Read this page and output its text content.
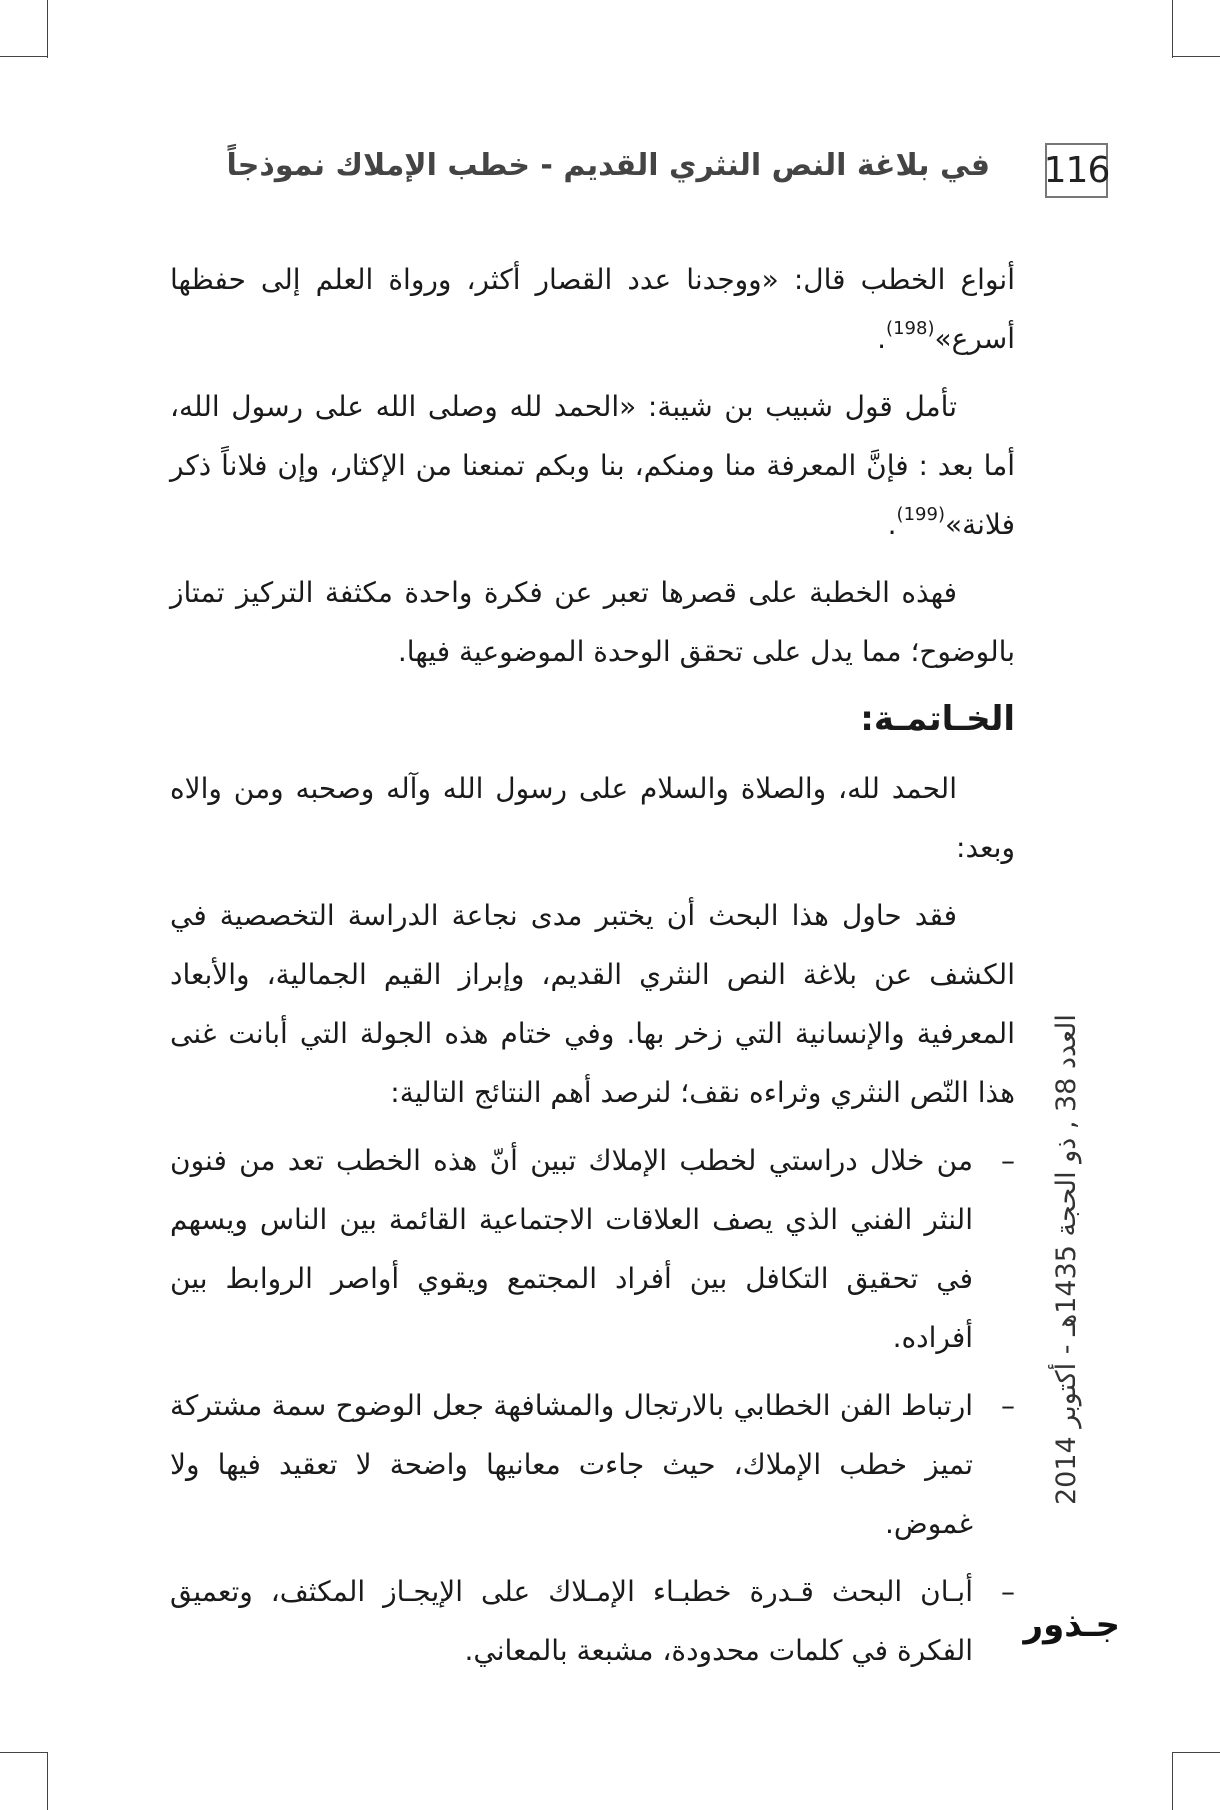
116
في بلاغة النص النثري القديم - خطب الإملاك نموذجاً

أنواع الخطب قال: «ووجدنا عدد القصار أكثر، ورواة العلم إلى حفظها أسرع»$^{(198)}$.

تأمل قول شبيب بن شيبة: «الحمد لله وصلى الله على رسول الله، أما بعد : فإنَّ المعرفة منا ومنكم، بنا وبكم تمنعنا من الإكثار، وإن فلاناً ذكر فلانة»$^{(199)}$.

فهذه الخطبة على قصرها تعبر عن فكرة واحدة مكثفة التركيز تمتاز بالوضوح؛ مما يدل على تحقق الوحدة الموضوعية فيها.

الخـاتمـة:

الحمد لله، والصلاة والسلام على رسول الله وآله وصحبه ومن والاه وبعد:

فقد حاول هذا البحث أن يختبر مدى نجاعة الدراسة التخصصية في الكشف عن بلاغة النص النثري القديم، وإبراز القيم الجمالية، والأبعاد المعرفية والإنسانية التي زخر بها. وفي ختام هذه الجولة التي أبانت غنى هذا النّص النثري وثراءه نقف؛ لنرصد أهم النتائج التالية:

–
من خلال دراستي لخطب الإملاك تبين أنّ هذه الخطب تعد من فنون النثر الفني الذي يصف العلاقات الاجتماعية القائمة بين الناس ويسهم في تحقيق التكافل بين أفراد المجتمع ويقوي أواصر الروابط بين أفراده.
–
ارتباط الفن الخطابي بالارتجال والمشافهة جعل الوضوح سمة مشتركة تميز خطب الإملاك، حيث جاءت معانيها واضحة لا تعقيد فيها ولا غموض.
–
أبـان البحث قـدرة خطبـاء الإمـلاك على الإيجـاز المكثف، وتعميق الفكرة في كلمات محدودة، مشبعة بالمعاني.
العدد 38 , ذو الحجة 1435هـ - أكتوبر 2014
جـذور
